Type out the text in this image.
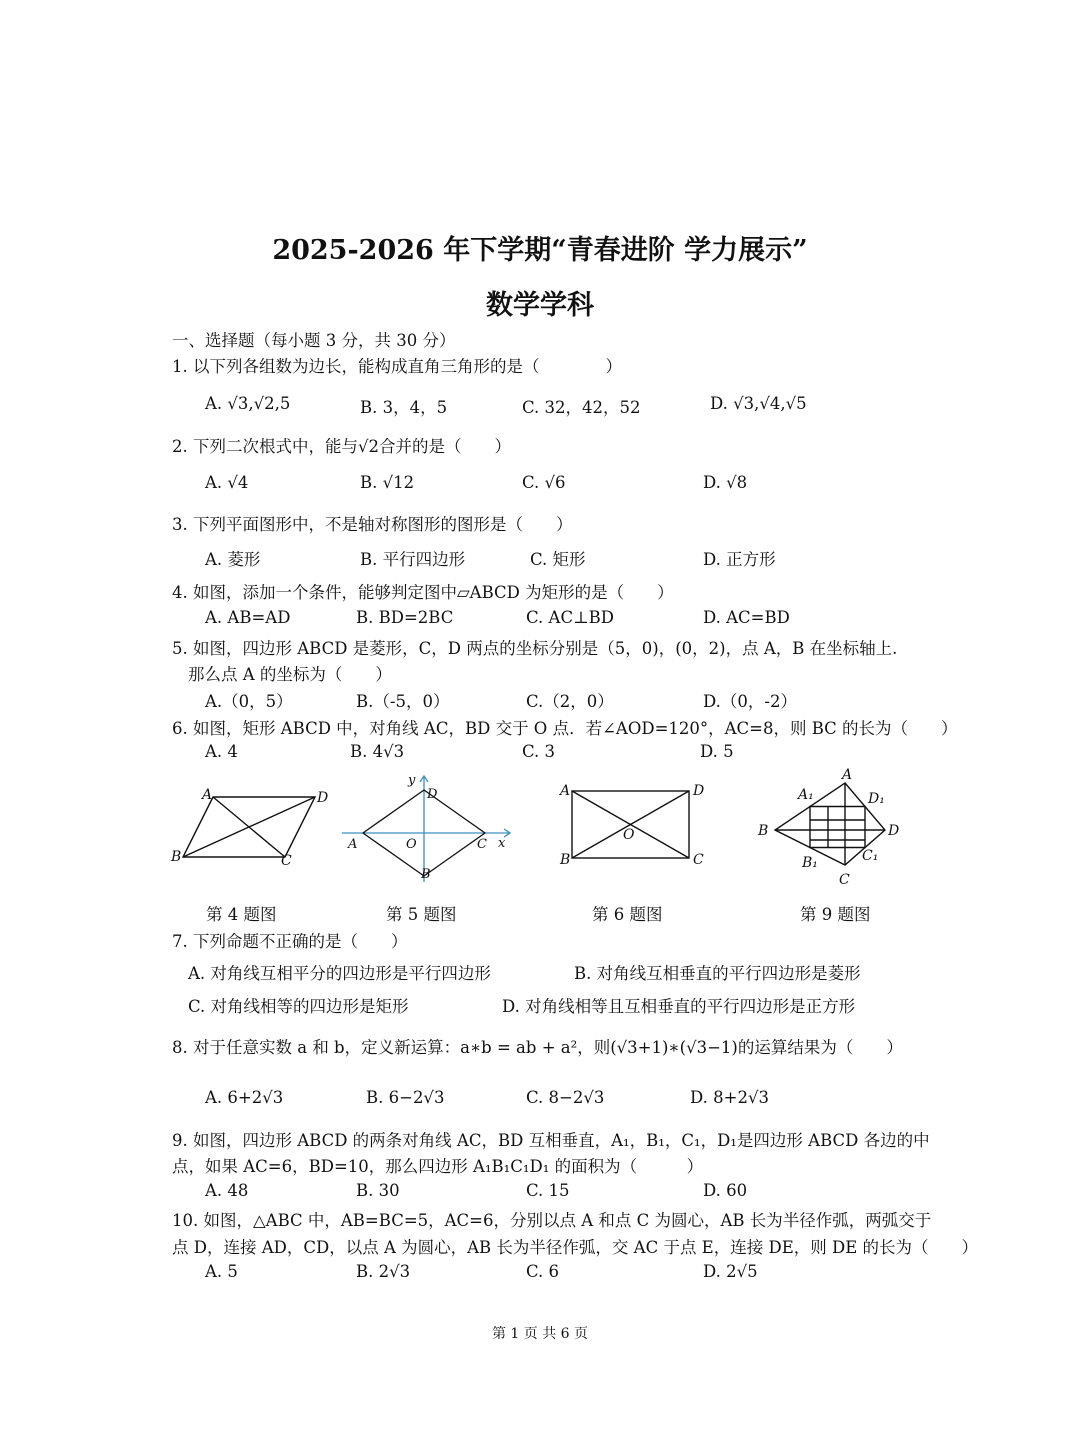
2025-2026 年下学期“青春进阶 学力展示”
数学学科
一、选择题（每小题 3 分，共 30 分）
1. 以下列各组数为边长，能构成直角三角形的是（　　　　）
A. √3,√2,5	B. 3，4，5	C. 32，42，52	D. √3,√4,√5
2. 下列二次根式中，能与√2合并的是（　　）
A. √4	B. √12	C. √6	D. √8
3. 下列平面图形中，不是轴对称图形的图形是（　　）
A. 菱形	B. 平行四边形	C. 矩形	D. 正方形
4. 如图，添加一个条件，能够判定图中▱ABCD 为矩形的是（　　）
A. AB=AD	B. BD=2BC	C. AC⊥BD	D. AC=BD
5. 如图，四边形 ABCD 是菱形，C，D 两点的坐标分别是（5，0)，(0，2)，点 A，B 在坐标轴上.
那么点 A 的坐标为（　　）
A.（0，5）	B.（-5，0）	C.（2，0）	D.（0，-2）
6. 如图，矩形 ABCD 中，对角线 AC，BD 交于 O 点．若∠AOD=120°，AC=8，则 BC 的长为（　　）
A. 4	B. 4√3	C. 3	D. 5
A	D
B	C
y
D
A	O	C x
B
A	D
O
B	C
A
A₁	D₁
B	D
B₁	C₁
C
第 4 题图	第 5 题图	第 6 题图	第 9 题图
7. 下列命题不正确的是（　　）
A. 对角线互相平分的四边形是平行四边形	B. 对角线互相垂直的平行四边形是菱形
C. 对角线相等的四边形是矩形	D. 对角线相等且互相垂直的平行四边形是正方形
8. 对于任意实数 a 和 b，定义新运算：a∗b = ab + a²，则(√3+1)∗(√3−1)的运算结果为（　　）
A. 6+2√3	B. 6−2√3	C. 8−2√3	D. 8+2√3
9. 如图，四边形 ABCD 的两条对角线 AC，BD 互相垂直，A₁，B₁，C₁，D₁是四边形 ABCD 各边的中
点，如果 AC=6，BD=10，那么四边形 A₁B₁C₁D₁ 的面积为（　　　）
A. 48	B. 30	C. 15	D. 60
10. 如图，△ABC 中，AB=BC=5，AC=6，分别以点 A 和点 C 为圆心，AB 长为半径作弧，两弧交于
点 D，连接 AD，CD，以点 A 为圆心，AB 长为半径作弧，交 AC 于点 E，连接 DE，则 DE 的长为（　　）
A. 5	B. 2√3	C. 6	D. 2√5
第 1 页 共 6 页
